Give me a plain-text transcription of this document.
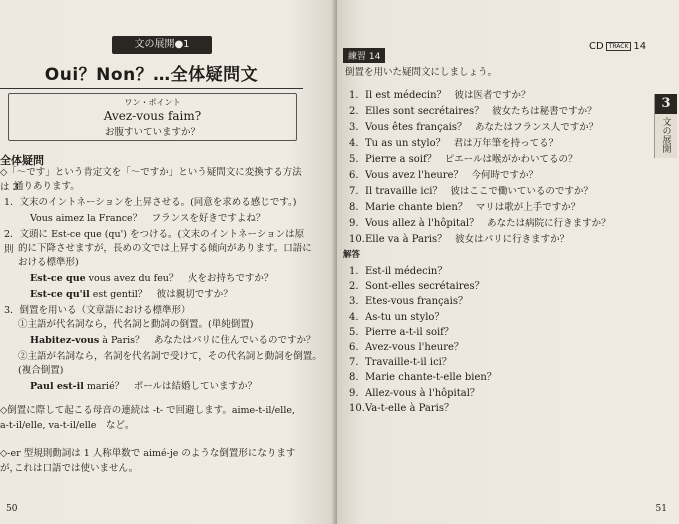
文の展開●1
Oui？Non？…全体疑問文
ワン・ポイント
Avez-vous faim?
お腹すいていますか？
全体疑問
◇「～です」という肯定文を「～ですか」という疑問文に変換する方法は 3
通りあります。
1．文末のイントネーションを上昇させる。(同意を求める感じです。)
Vous aimez la France？　フランスを好きですよね？
2．文頭に Est-ce que (qu') をつける。(文末のイントネーションは原則 的に下降させますが，長めの文では上昇する傾向があります。口語に
おける標準形)
Est-ce que vous avez du feu？　火をお持ちですか？
Est-ce qu'il est gentil？　彼は親切ですか？
3．倒置を用いる（文章語における標準形）
①主語が代名詞なら，代名詞と動詞の倒置。(単純倒置)
Habitez-vous à Paris？　あなたはパリに住んでいるのですか？
②主語が名詞なら，名詞を代名詞で受けて，その代名詞と動詞を倒置。
(複合倒置)
Paul est-il marié？　ポールは結婚していますか？
◇倒置に際して起こる母音の連続は -t- で回避します。aime-t-il/elle,
a-t-il/elle, va-t-il/elle　など。
◇-er 型規則動詞は 1 人称単数で aimé-je のような倒置形になりますが，
これは口語では使いません。
50
練習 14
CD TRACK 14
倒置を用いた疑問文にしましょう。
1. Il est médecin？ 彼は医者ですか？
2. Elles sont secrétaires？ 彼女たちは秘書ですか？
3. Vous êtes français？ あなたはフランス人ですか？
4. Tu as un stylo？ 君は万年筆を持ってる？
5. Pierre a soif？ ピエールは喉がかわいてるの？
6. Vous avez l'heure？ 今何時ですか？
7. Il travaille ici？ 彼はここで働いているのですか？
8. Marie chante bien？ マリは歌が上手ですか？
9. Vous allez à l'hôpital？ あなたは病院に行きますか？
10.Elle va à Paris？ 彼女はパリに行きますか？
解答
1. Est-il médecin？
2. Sont-elles secrétaires？
3. Etes-vous français？
4. As-tu un stylo？
5. Pierre a-t-il soif？
6. Avez-vous l'heure？
7. Travaille-t-il ici？
8. Marie chante-t-elle bien？
9. Allez-vous à l'hôpital？
10.Va-t-elle à Paris？
51
3
文の展開
